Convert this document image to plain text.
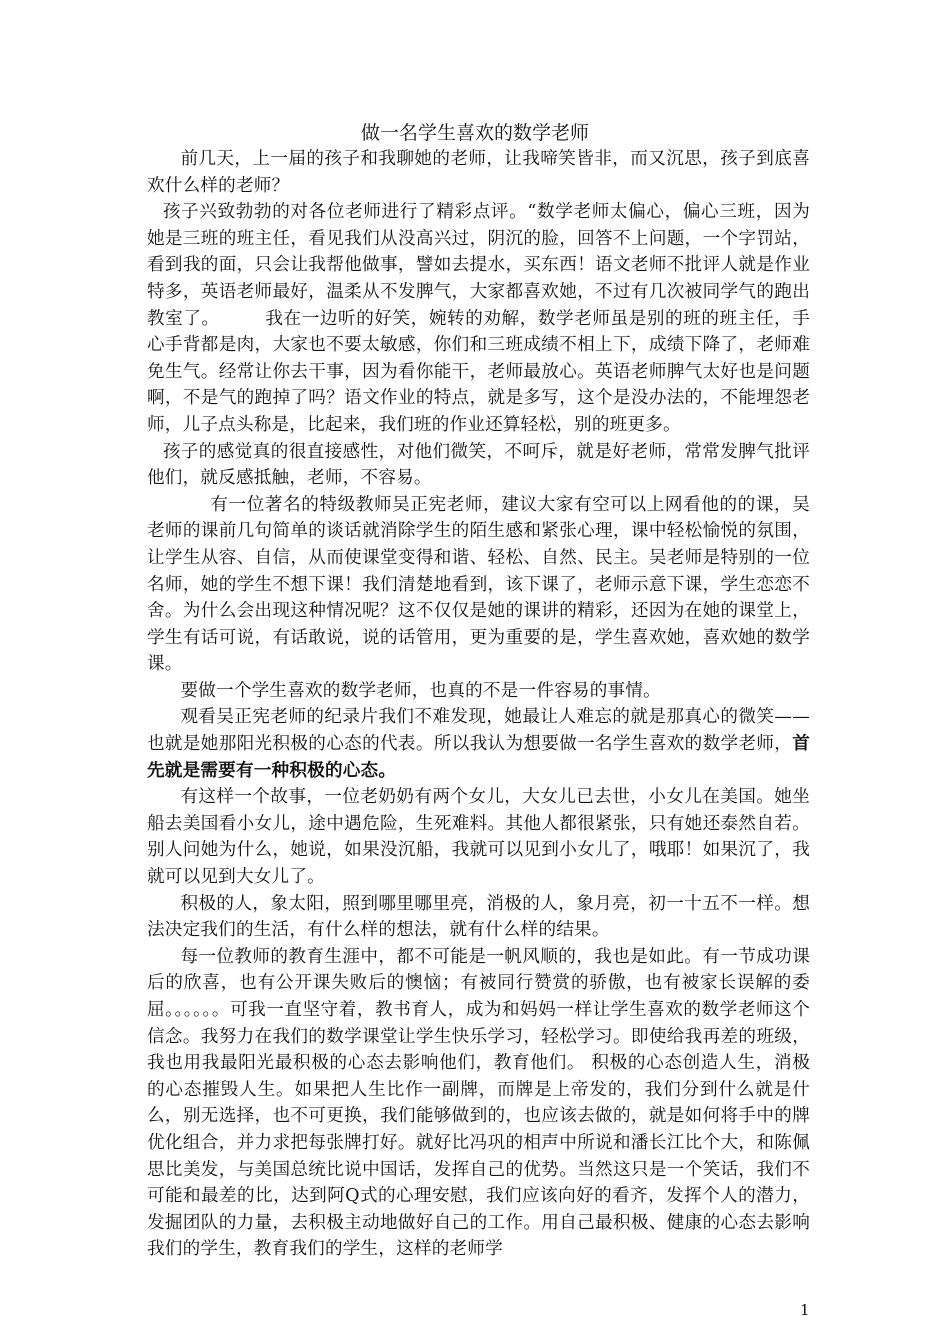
做一名学生喜欢的数学老师

前几天，上一届的孩子和我聊她的老师，让我啼笑皆非，而又沉思，孩子到底喜欢什么样的老师？

孩子兴致勃勃的对各位老师进行了精彩点评。“数学老师太偏心，偏心三班，因为她是三班的班主任，看见我们从没高兴过，阴沉的脸，回答不上问题，一个字罚站，看到我的面，只会让我帮他做事，譬如去提水，买东西！语文老师不批评人就是作业特多，英语老师最好，温柔从不发脾气，大家都喜欢她，不过有几次被同学气的跑出教室了。　　　我在一边听的好笑，婉转的劝解，数学老师虽是别的班的班主任，手心手背都是肉，大家也不要太敏感，你们和三班成绩不相上下，成绩下降了，老师难免生气。经常让你去干事，因为看你能干，老师最放心。英语老师脾气太好也是问题啊，不是气的跑掉了吗？语文作业的特点，就是多写，这个是没办法的，不能埋怨老师，儿子点头称是，比起来，我们班的作业还算轻松，别的班更多。

孩子的感觉真的很直接感性，对他们微笑，不呵斥，就是好老师，常常发脾气批评他们，就反感抵触，老师，不容易。

有一位著名的特级教师吴正宪老师，建议大家有空可以上网看他的的课，吴老师的课前几句简单的谈话就消除学生的陌生感和紧张心理，课中轻松愉悦的氛围，让学生从容、自信，从而使课堂变得和谐、轻松、自然、民主。吴老师是特别的一位名师，她的学生不想下课！我们清楚地看到，该下课了，老师示意下课，学生恋恋不舍。为什么会出现这种情况呢？这不仅仅是她的课讲的精彩，还因为在她的课堂上，学生有话可说，有话敢说，说的话管用，更为重要的是，学生喜欢她，喜欢她的数学课。

要做一个学生喜欢的数学老师，也真的不是一件容易的事情。

观看吴正宪老师的纪录片我们不难发现，她最让人难忘的就是那真心的微笑——也就是她那阳光积极的心态的代表。所以我认为想要做一名学生喜欢的数学老师，首先就是需要有一种积极的心态。

有这样一个故事，一位老奶奶有两个女儿，大女儿已去世，小女儿在美国。她坐船去美国看小女儿，途中遇危险，生死难料。其他人都很紧张，只有她还泰然自若。别人问她为什么，她说，如果没沉船，我就可以见到小女儿了，哦耶！如果沉了，我就可以见到大女儿了。

积极的人，象太阳，照到哪里哪里亮，消极的人，象月亮，初一十五不一样。想法决定我们的生活，有什么样的想法，就有什么样的结果。

每一位教师的教育生涯中，都不可能是一帆风顺的，我也是如此。有一节成功课后的欣喜，也有公开课失败后的懊恼；有被同行赞赏的骄傲，也有被家长误解的委屈。。。。。。可我一直坚守着，教书育人，成为和妈妈一样让学生喜欢的数学老师这个信念。我努力在我们的数学课堂让学生快乐学习，轻松学习。即使给我再差的班级，我也用我最阳光最积极的心态去影响他们，教育他们。 积极的心态创造人生，消极的心态摧毁人生。如果把人生比作一副牌，而牌是上帝发的，我们分到什么就是什么，别无选择，也不可更换，我们能够做到的，也应该去做的，就是如何将手中的牌优化组合，并力求把每张牌打好。就好比冯巩的相声中所说和潘长江比个大，和陈佩思比美发，与美国总统比说中国话，发挥自己的优势。当然这只是一个笑话，我们不可能和最差的比，达到阿Q式的心理安慰，我们应该向好的看齐，发挥个人的潜力，发掘团队的力量，去积极主动地做好自己的工作。用自己最积极、健康的心态去影响我们的学生，教育我们的学生，这样的老师学

1
